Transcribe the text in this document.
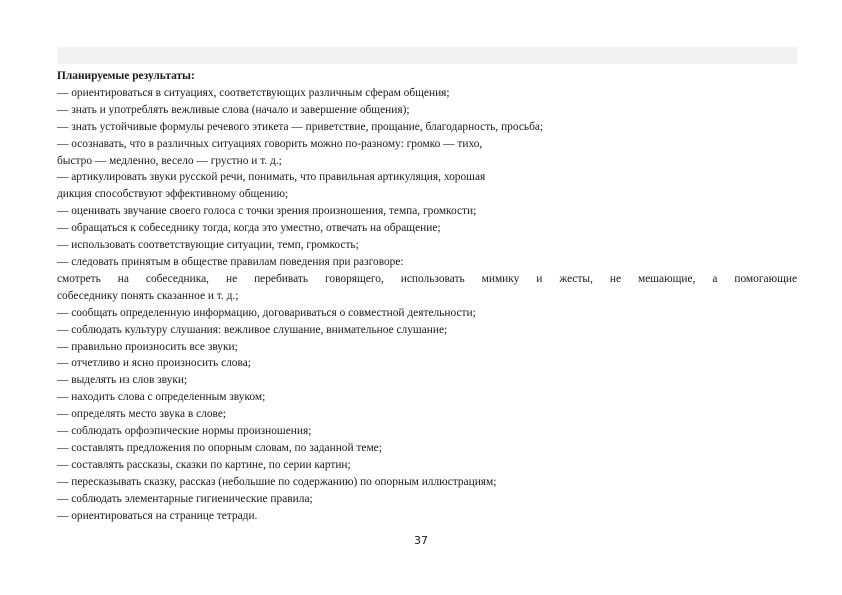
Планируемые результаты:
— ориентироваться в ситуациях, соответствующих различным сферам общения;
— знать и употреблять вежливые слова (начало и завершение общения);
— знать устойчивые формулы речевого этикета — приветствие, прощание, благодарность, просьба;
— осознавать, что в различных ситуациях говорить можно по-разному: громко — тихо,
быстро — медленно, весело — грустно и т. д.;
— артикулировать звуки русской речи, понимать, что правильная артикуляция, хорошая
дикция способствуют эффективному общению;
— оценивать звучание своего голоса с точки зрения произношения, темпа, громкости;
— обращаться к собеседнику тогда, когда это уместно, отвечать на обращение;
— использовать соответствующие ситуации, темп, громкость;
— следовать принятым в обществе правилам поведения при разговоре:
смотреть на собеседника, не перебивать говорящего, использовать мимику и жесты, не мешающие, а помогающие
собеседнику понять сказанное и т. д.;
— сообщать определенную информацию, договариваться о совместной деятельности;
— соблюдать культуру слушания: вежливое слушание, внимательное слушание;
— правильно произносить все звуки;
— отчетливо и ясно произносить слова;
— выделять из слов звуки;
— находить слова с определенным звуком;
— определять место звука в слове;
— соблюдать орфоэпические нормы произношения;
— составлять предложения по опорным словам, по заданной теме;
— составлять рассказы, сказки по картине, по серии картин;
— пересказывать сказку, рассказ (небольшие по содержанию) по опорным иллюстрациям;
— соблюдать элементарные гигиенические правила;
— ориентироваться на странице тетради.
37
